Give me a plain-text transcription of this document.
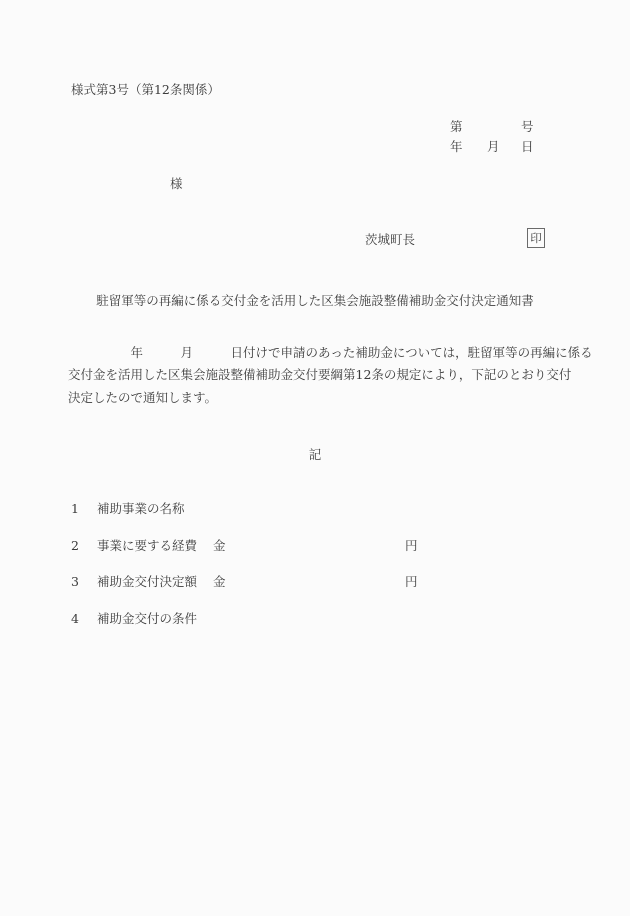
様式第3号（第12条関係）
第	号
年 月 日
様
茨城町長	印
駐留軍等の再編に係る交付金を活用した区集会施設整備補助金交付決定通知書
　　　　　年　　　月　　　日付けで申請のあった補助金については，駐留軍等の再編に係る
交付金を活用した区集会施設整備補助金交付要綱第12条の規定により，下記のとおり交付
決定したので通知します。
記
1 補助事業の名称
2 事業に要する経費 金	円
3 補助金交付決定額 金	円
4 補助金交付の条件
